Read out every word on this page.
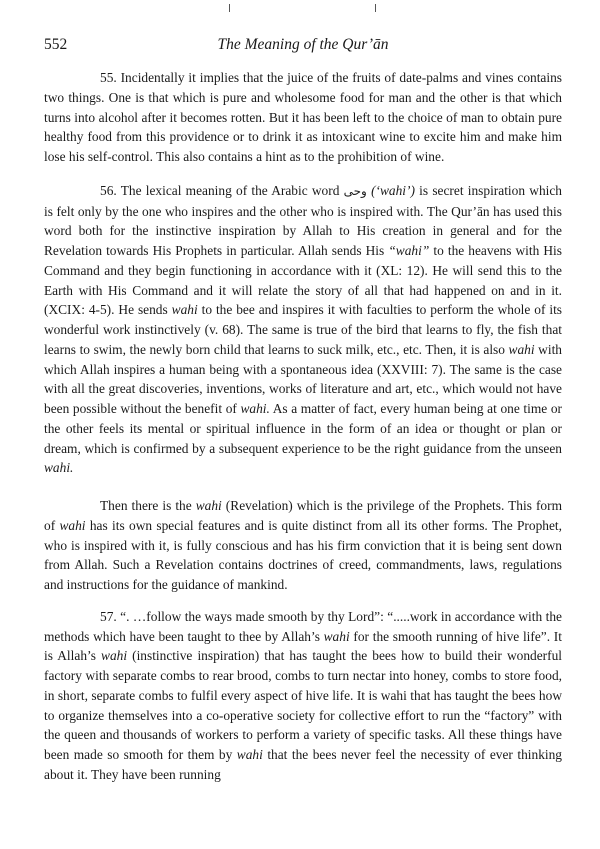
552	The Meaning of the Qur’ān

55. Incidentally it implies that the juice of the fruits of date-palms and vines contains two things. One is that which is pure and wholesome food for man and the other is that which turns into alcohol after it becomes rotten. But it has been left to the choice of man to obtain pure healthy food from this providence or to drink it as intoxicant wine to excite him and make him lose his self-control. This also contains a hint as to the prohibition of wine.

56. The lexical meaning of the Arabic word وحى (‘wahi’) is secret inspiration which is felt only by the one who inspires and the other who is inspired with. The Qur’ān has used this word both for the instinctive inspiration by Allah to His creation in general and for the Revelation towards His Prophets in particular. Allah sends His “wahi” to the heavens with His Command and they begin functioning in accordance with it (XL: 12). He will send this to the Earth with His Command and it will relate the story of all that had happened on and in it. (XCIX: 4-5). He sends wahi to the bee and inspires it with faculties to perform the whole of its wonderful work instinctively (v. 68). The same is true of the bird that learns to fly, the fish that learns to swim, the newly born child that learns to suck milk, etc., etc. Then, it is also wahi with which Allah inspires a human being with a spontaneous idea (XXVIII: 7). The same is the case with all the great discoveries, inventions, works of literature and art, etc., which would not have been possible without the benefit of wahi. As a matter of fact, every human being at one time or the other feels its mental or spiritual influence in the form of an idea or thought or plan or dream, which is confirmed by a subsequent experience to be the right guidance from the unseen wahi.

Then there is the wahi (Revelation) which is the privilege of the Prophets. This form of wahi has its own special features and is quite distinct from all its other forms. The Prophet, who is inspired with it, is fully conscious and has his firm conviction that it is being sent down from Allah. Such a Revelation contains doctrines of creed, commandments, laws, regulations and instructions for the guidance of mankind.

57. “. …follow the ways made smooth by thy Lord”: “.....work in accordance with the methods which have been taught to thee by Allah’s wahi for the smooth running of hive life”. It is Allah’s wahi (instinctive inspiration) that has taught the bees how to build their wonderful factory with separate combs to rear brood, combs to turn nectar into honey, combs to store food, in short, separate combs to fulfil every aspect of hive life. It is wahi that has taught the bees how to organize themselves into a co-operative society for collective effort to run the “factory” with the queen and thousands of workers to perform a variety of specific tasks. All these things have been made so smooth for them by wahi that the bees never feel the necessity of ever thinking about it. They have been running
